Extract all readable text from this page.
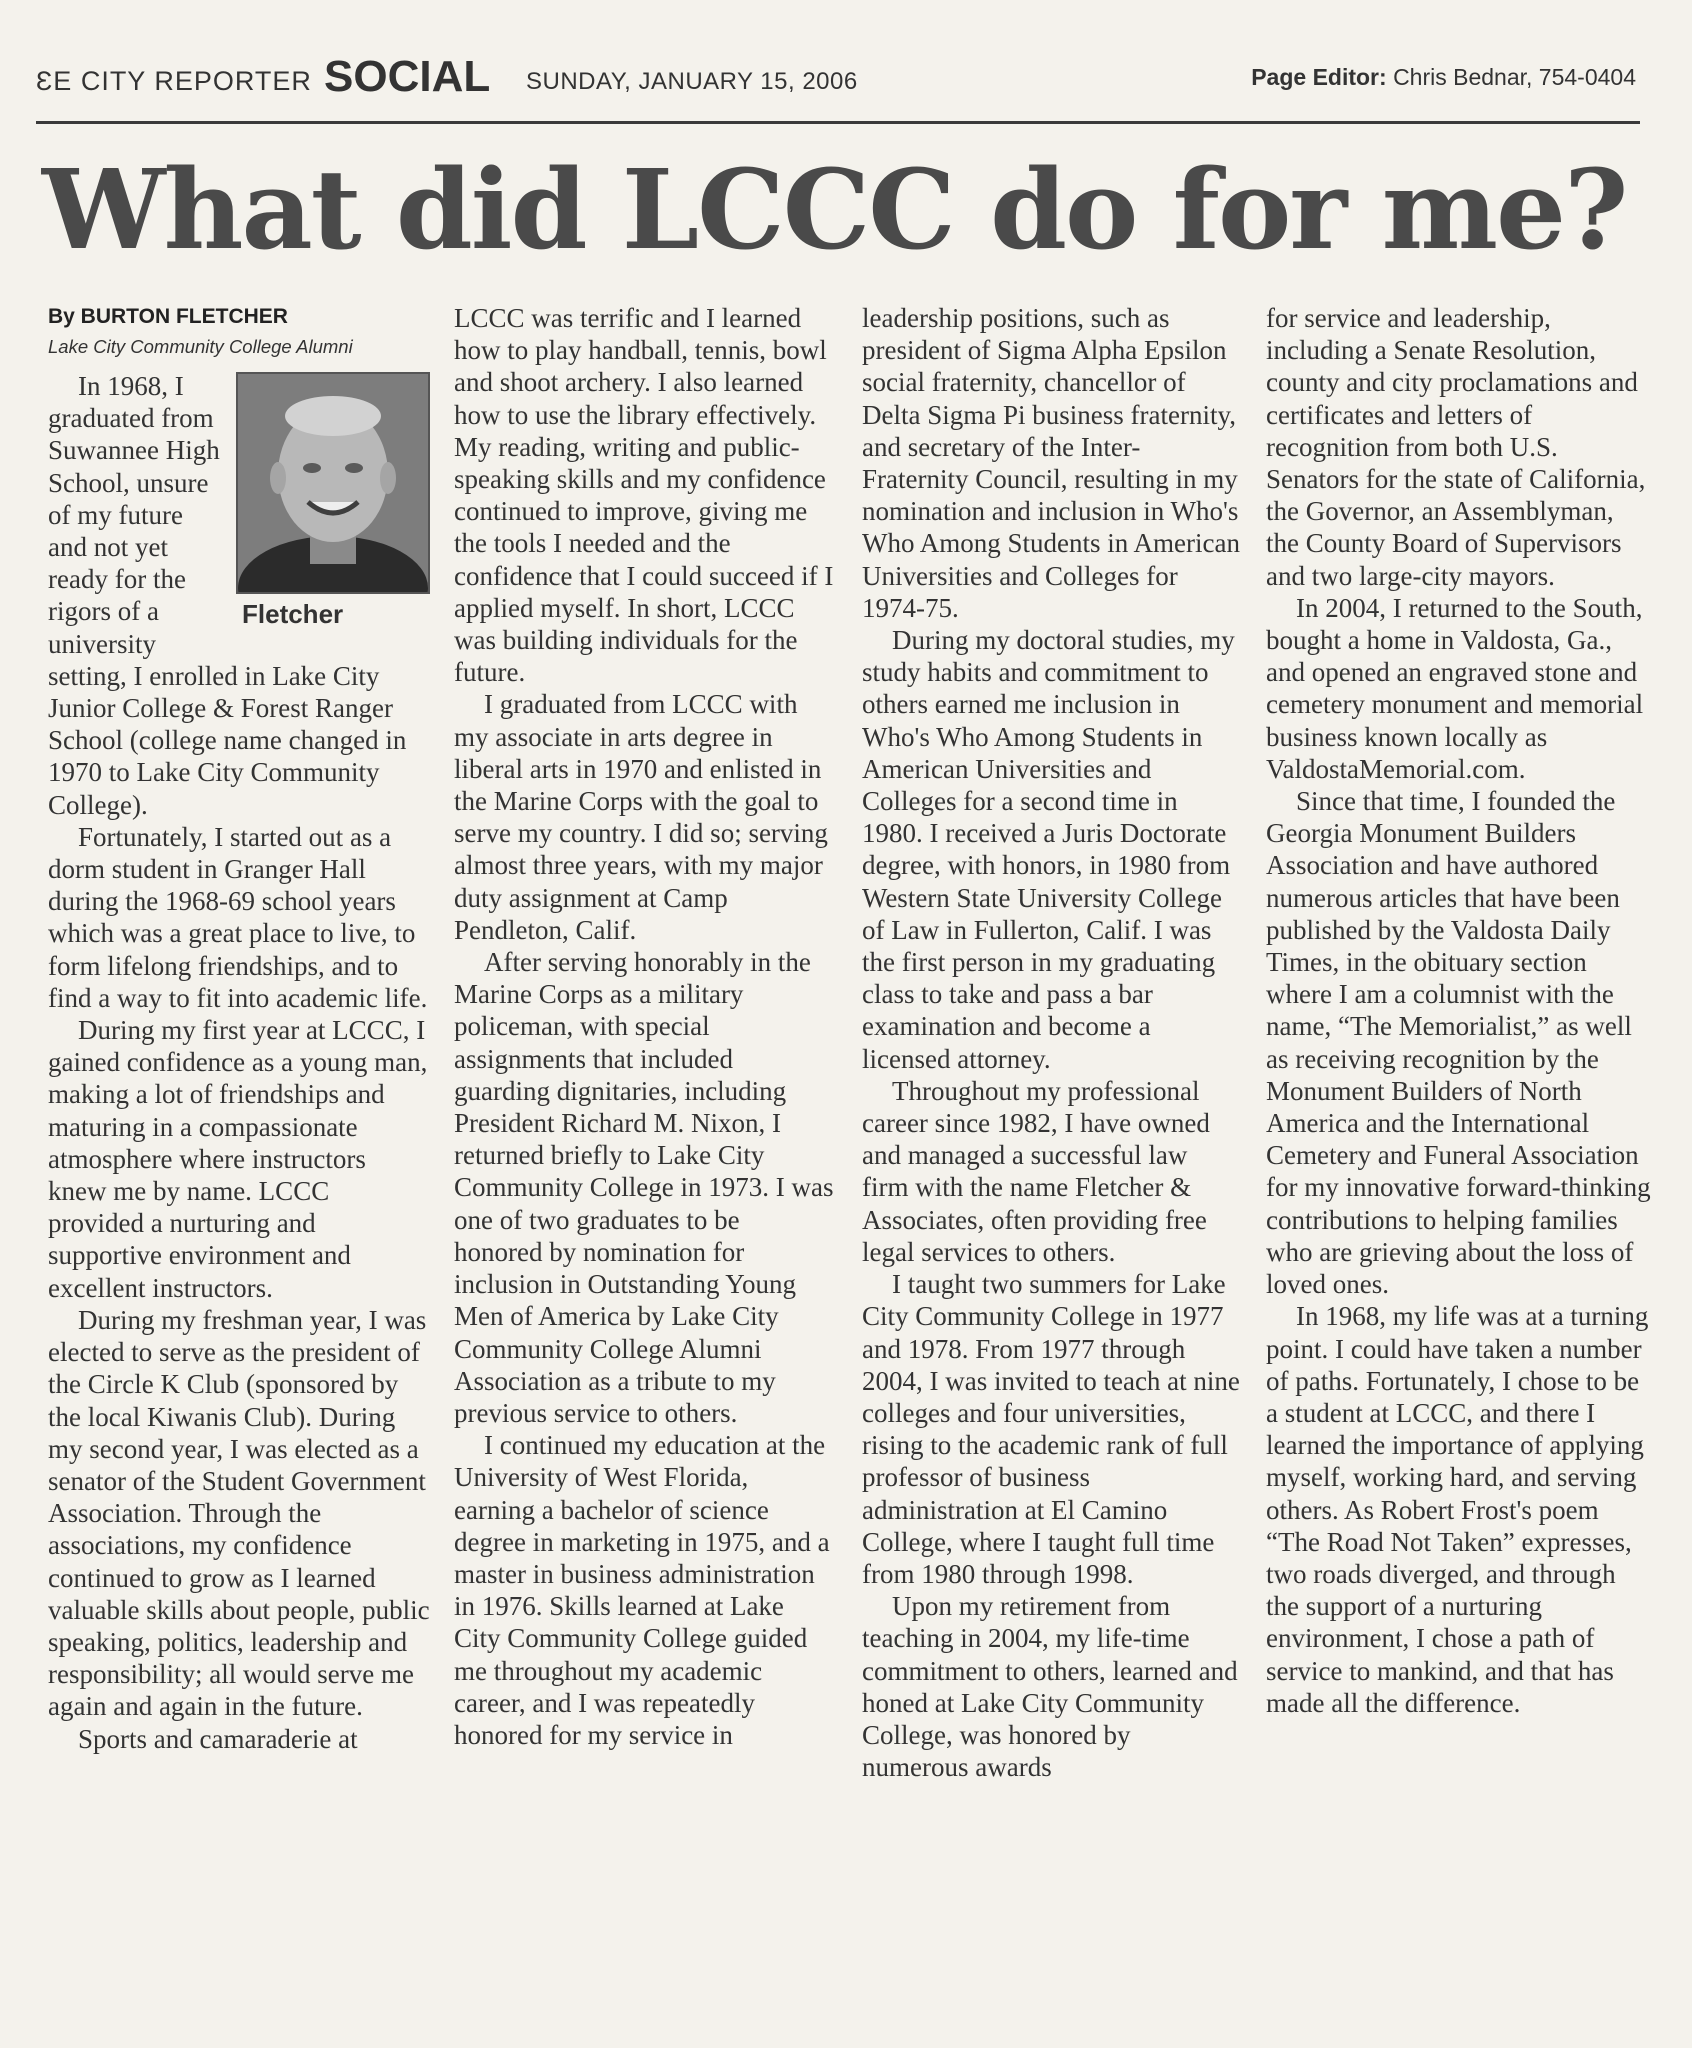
ƐE CITY REPORTER SOCIAL SUNDAY, JANUARY 15, 2006	Page Editor: Chris Bednar, 754-0404
What did LCCC do for me?
By BURTON FLETCHER
Lake City Community College Alumni
Fletcher

In 1968, I graduated from Suwannee High School, unsure of my future and not yet ready for the rigors of a university setting, I enrolled in Lake City Junior College & Forest Ranger School (college name changed in 1970 to Lake City Community College).

Fortunately, I started out as a dorm student in Granger Hall during the 1968-69 school years which was a great place to live, to form lifelong friendships, and to find a way to fit into academic life.

During my first year at LCCC, I gained confidence as a young man, making a lot of friendships and maturing in a compassionate atmosphere where instructors knew me by name. LCCC provided a nurturing and supportive environment and excellent instructors.

During my freshman year, I was elected to serve as the president of the Circle K Club (sponsored by the local Kiwanis Club). During my second year, I was elected as a senator of the Student Government Association. Through the associations, my confidence continued to grow as I learned valuable skills about people, public speaking, politics, leadership and responsibility; all would serve me again and again in the future.

Sports and camaraderie at

LCCC was terrific and I learned how to play handball, tennis, bowl and shoot archery. I also learned how to use the library effectively. My reading, writing and public-speaking skills and my confidence continued to improve, giving me the tools I needed and the confidence that I could succeed if I applied myself. In short, LCCC was building individuals for the future.

I graduated from LCCC with my associate in arts degree in liberal arts in 1970 and enlisted in the Marine Corps with the goal to serve my country. I did so; serving almost three years, with my major duty assignment at Camp Pendleton, Calif.

After serving honorably in the Marine Corps as a military policeman, with special assignments that included guarding dignitaries, including President Richard M. Nixon, I returned briefly to Lake City Community College in 1973. I was one of two graduates to be honored by nomination for inclusion in Outstanding Young Men of America by Lake City Community College Alumni Association as a tribute to my previous service to others.

I continued my education at the University of West Florida, earning a bachelor of science degree in marketing in 1975, and a master in business administration in 1976. Skills learned at Lake City Community College guided me throughout my academic career, and I was repeatedly honored for my service in

leadership positions, such as president of Sigma Alpha Epsilon social fraternity, chancellor of Delta Sigma Pi business fraternity, and secretary of the Inter-Fraternity Council, resulting in my nomination and inclusion in Who's Who Among Students in American Universities and Colleges for 1974-75.

During my doctoral studies, my study habits and commitment to others earned me inclusion in Who's Who Among Students in American Universities and Colleges for a second time in 1980. I received a Juris Doctorate degree, with honors, in 1980 from Western State University College of Law in Fullerton, Calif. I was the first person in my graduating class to take and pass a bar examination and become a licensed attorney.

Throughout my professional career since 1982, I have owned and managed a successful law firm with the name Fletcher & Associates, often providing free legal services to others.

I taught two summers for Lake City Community College in 1977 and 1978. From 1977 through 2004, I was invited to teach at nine colleges and four universities, rising to the academic rank of full professor of business administration at El Camino College, where I taught full time from 1980 through 1998.

Upon my retirement from teaching in 2004, my life-time commitment to others, learned and honed at Lake City Community College, was honored by numerous awards

for service and leadership, including a Senate Resolution, county and city proclamations and certificates and letters of recognition from both U.S. Senators for the state of California, the Governor, an Assemblyman, the County Board of Supervisors and two large-city mayors.

In 2004, I returned to the South, bought a home in Valdosta, Ga., and opened an engraved stone and cemetery monument and memorial business known locally as ValdostaMemorial.com.

Since that time, I founded the Georgia Monument Builders Association and have authored numerous articles that have been published by the Valdosta Daily Times, in the obituary section where I am a columnist with the name, “The Memorialist,” as well as receiving recognition by the Monument Builders of North America and the International Cemetery and Funeral Association for my innovative forward-thinking contributions to helping families who are grieving about the loss of loved ones.

In 1968, my life was at a turning point. I could have taken a number of paths. Fortunately, I chose to be a student at LCCC, and there I learned the importance of applying myself, working hard, and serving others. As Robert Frost's poem “The Road Not Taken” expresses, two roads diverged, and through the support of a nurturing environment, I chose a path of service to mankind, and that has made all the difference.
